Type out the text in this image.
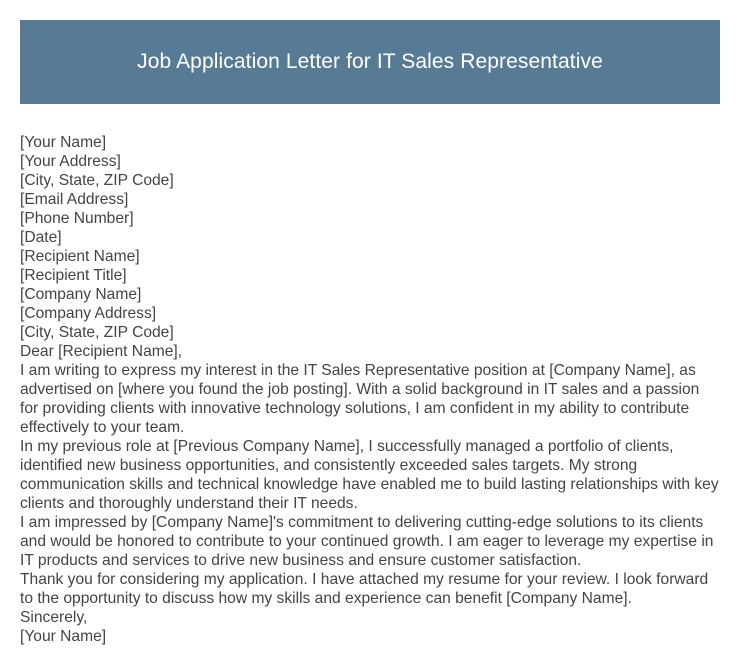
Job Application Letter for IT Sales Representative

[Your Name]

[Your Address]

[City, State, ZIP Code]

[Email Address]

[Phone Number]

[Date]

[Recipient Name]

[Recipient Title]

[Company Name]

[Company Address]

[City, State, ZIP Code]

Dear [Recipient Name],

I am writing to express my interest in the IT Sales Representative position at [Company Name], as advertised on [where you found the job posting]. With a solid background in IT sales and a passion for providing clients with innovative technology solutions, I am confident in my ability to contribute effectively to your team.

In my previous role at [Previous Company Name], I successfully managed a portfolio of clients, identified new business opportunities, and consistently exceeded sales targets. My strong communication skills and technical knowledge have enabled me to build lasting relationships with key clients and thoroughly understand their IT needs.

I am impressed by [Company Name]'s commitment to delivering cutting-edge solutions to its clients and would be honored to contribute to your continued growth. I am eager to leverage my expertise in IT products and services to drive new business and ensure customer satisfaction.

Thank you for considering my application. I have attached my resume for your review. I look forward to the opportunity to discuss how my skills and experience can benefit [Company Name].

Sincerely,

[Your Name]
